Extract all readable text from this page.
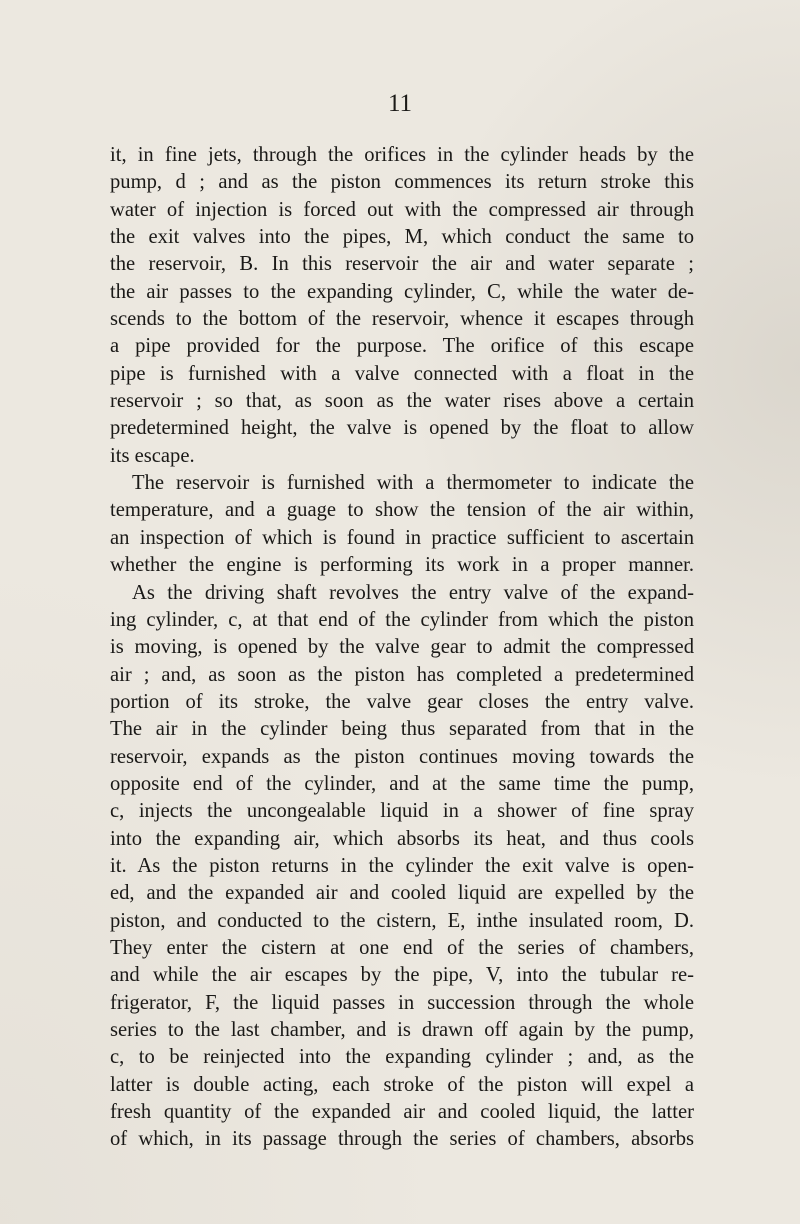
11
it, in fine jets, through the orifices in the cylinder heads by the
pump, d ; and as the piston commences its return stroke this
water of injection is forced out with the compressed air through
the exit valves into the pipes, M, which conduct the same to
the reservoir, B. In this reservoir the air and water separate ;
the air passes to the expanding cylinder, C, while the water de-
scends to the bottom of the reservoir, whence it escapes through
a pipe provided for the purpose. The orifice of this escape
pipe is furnished with a valve connected with a float in the
reservoir ; so that, as soon as the water rises above a certain
predetermined height, the valve is opened by the float to allow
its escape.
The reservoir is furnished with a thermometer to indicate the
temperature, and a guage to show the tension of the air within,
an inspection of which is found in practice sufficient to ascertain
whether the engine is performing its work in a proper manner.
As the driving shaft revolves the entry valve of the expand-
ing cylinder, c, at that end of the cylinder from which the piston
is moving, is opened by the valve gear to admit the compressed
air ; and, as soon as the piston has completed a predetermined
portion of its stroke, the valve gear closes the entry valve.
The air in the cylinder being thus separated from that in the
reservoir, expands as the piston continues moving towards the
opposite end of the cylinder, and at the same time the pump,
c, injects the uncongealable liquid in a shower of fine spray
into the expanding air, which absorbs its heat, and thus cools
it. As the piston returns in the cylinder the exit valve is open-
ed, and the expanded air and cooled liquid are expelled by the
piston, and conducted to the cistern, E, inthe insulated room, D.
They enter the cistern at one end of the series of chambers,
and while the air escapes by the pipe, V, into the tubular re-
frigerator, F, the liquid passes in succession through the whole
series to the last chamber, and is drawn off again by the pump,
c, to be reinjected into the expanding cylinder ; and, as the
latter is double acting, each stroke of the piston will expel a
fresh quantity of the expanded air and cooled liquid, the latter
of which, in its passage through the series of chambers, absorbs
